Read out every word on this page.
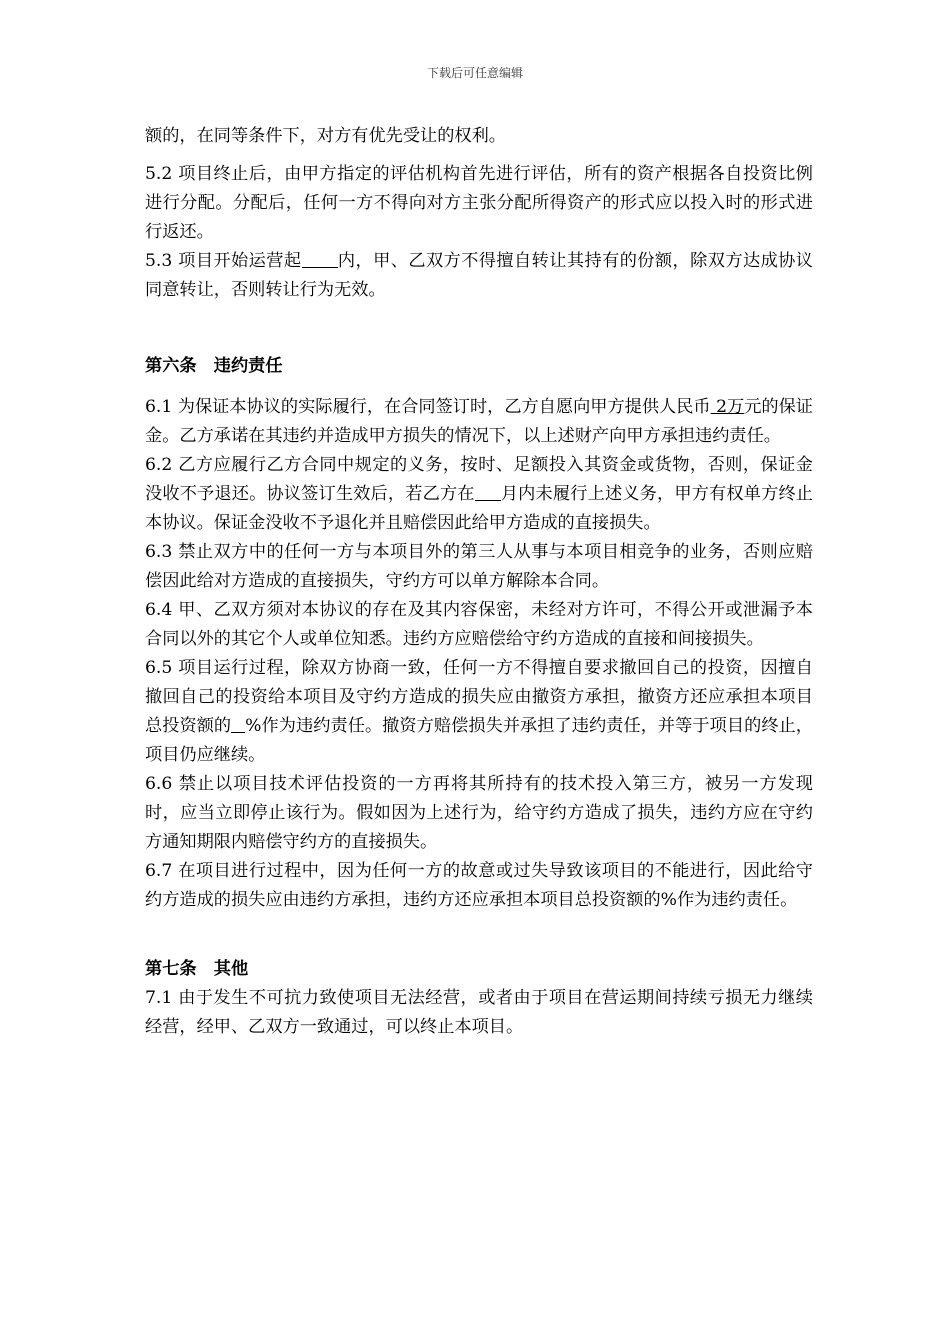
下载后可任意编辑

额的，在同等条件下，对方有优先受让的权利。

5.2 项目终止后，由甲方指定的评估机构首先进行评估，所有的资产根据各自投资比例进行分配。分配后，任何一方不得向对方主张分配所得资产的形式应以投入时的形式进行返还。

5.3 项目开始运营起 内，甲、乙双方不得擅自转让其持有的份额，除双方达成协议同意转让，否则转让行为无效。

第六条　违约责任

6.1 为保证本协议的实际履行，在合同签订时，乙方自愿向甲方提供人民币 2万元的保证金。乙方承诺在其违约并造成甲方损失的情况下，以上述财产向甲方承担违约责任。

6.2 乙方应履行乙方合同中规定的义务，按时、足额投入其资金或货物，否则，保证金没收不予退还。协议签订生效后，若乙方在 月内未履行上述义务，甲方有权单方终止本协议。保证金没收不予退化并且赔偿因此给甲方造成的直接损失。

6.3 禁止双方中的任何一方与本项目外的第三人从事与本项目相竞争的业务，否则应赔偿因此给对方造成的直接损失，守约方可以单方解除本合同。

6.4 甲、乙双方须对本协议的存在及其内容保密，未经对方许可，不得公开或泄漏予本合同以外的其它个人或单位知悉。违约方应赔偿给守约方造成的直接和间接损失。

6.5 项目运行过程，除双方协商一致，任何一方不得擅自要求撤回自己的投资，因擅自撤回自己的投资给本项目及守约方造成的损失应由撤资方承担，撤资方还应承担本项目总投资额的 %作为违约责任。撤资方赔偿损失并承担了违约责任，并等于项目的终止，项目仍应继续。

6.6 禁止以项目技术评估投资的一方再将其所持有的技术投入第三方，被另一方发现时，应当立即停止该行为。假如因为上述行为，给守约方造成了损失，违约方应在守约方通知期限内赔偿守约方的直接损失。

6.7 在项目进行过程中，因为任何一方的故意或过失导致该项目的不能进行，因此给守约方造成的损失应由违约方承担，违约方还应承担本项目总投资额的%作为违约责任。

第七条　其他

7.1 由于发生不可抗力致使项目无法经营，或者由于项目在营运期间持续亏损无力继续经营，经甲、乙双方一致通过，可以终止本项目。
